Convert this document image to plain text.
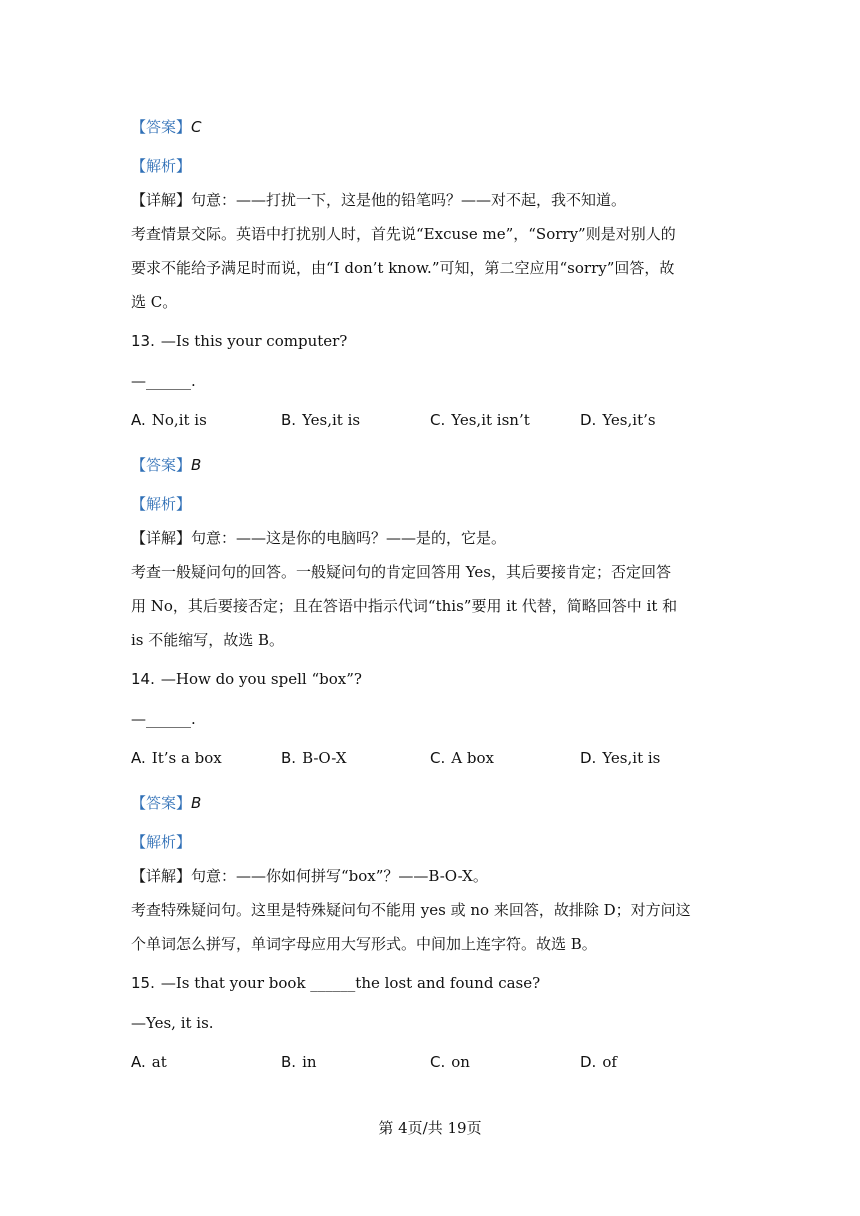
【答案】C
【解析】
【详解】句意：——打扰一下，这是他的铅笔吗？——对不起，我不知道。
考查情景交际。英语中打扰别人时，首先说“Excuse me”，“Sorry”则是对别人的
要求不能给予满足时而说，由“I don’t know.”可知，第二空应用“sorry”回答，故
选 C。
13. —Is this your computer?
—______.
A. No,it is	B. Yes,it is	C. Yes,it isn’t	D. Yes,it’s
【答案】B
【解析】
【详解】句意：——这是你的电脑吗？——是的，它是。
考查一般疑问句的回答。一般疑问句的肯定回答用 Yes，其后要接肯定；否定回答
用 No，其后要接否定；且在答语中指示代词“this”要用 it 代替，简略回答中 it 和
is 不能缩写，故选 B。
14. —How do you spell “box”?
—______.
A. It’s a box	B. B-O-X	C. A box	D. Yes,it is
【答案】B
【解析】
【详解】句意：——你如何拼写“box”？——B-O-X。
考查特殊疑问句。这里是特殊疑问句不能用 yes 或 no 来回答，故排除 D；对方问这
个单词怎么拼写，单词字母应用大写形式。中间加上连字符。故选 B。
15. —Is that your book ______the lost and found case?
—Yes, it is.
A. at	B. in	C. on	D. of
第 4页/共 19页
